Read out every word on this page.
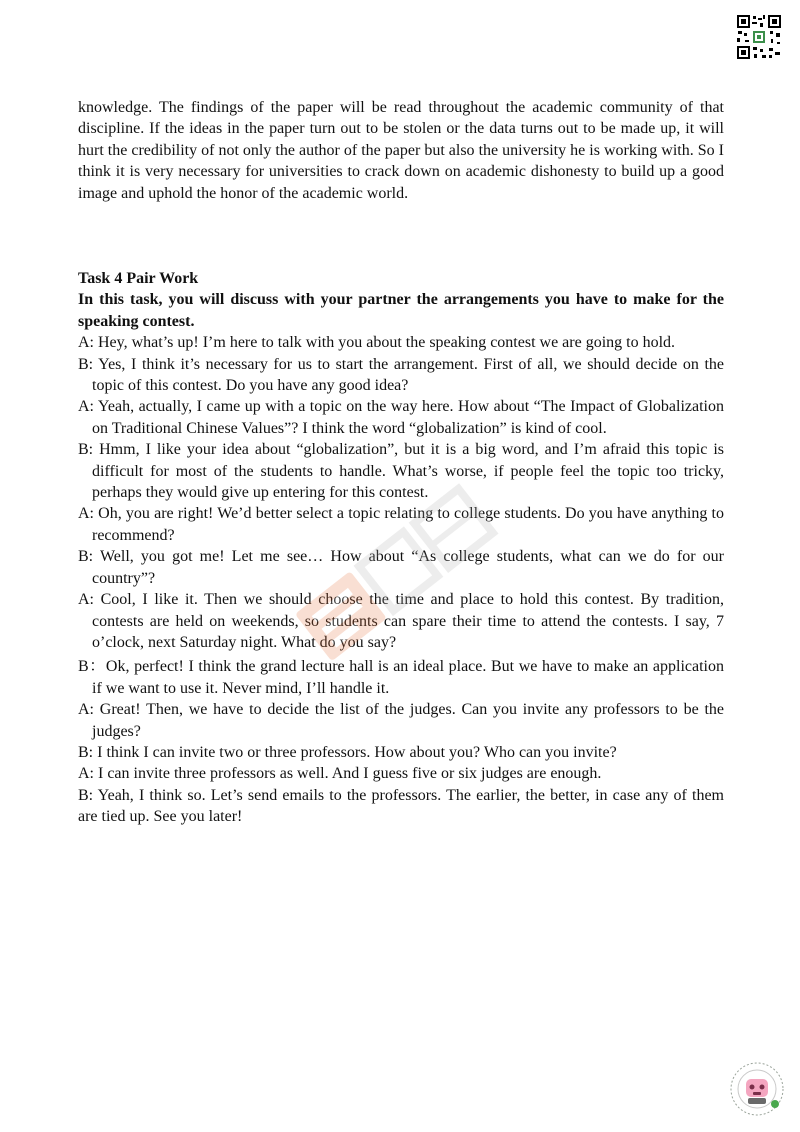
knowledge. The findings of the paper will be read throughout the academic community of that discipline. If the ideas in the paper turn out to be stolen or the data turns out to be made up, it will hurt the credibility of not only the author of the paper but also the university he is working with. So I think it is very necessary for universities to crack down on academic dishonesty to build up a good image and uphold the honor of the academic world.

Task 4 Pair Work

In this task, you will discuss with your partner the arrangements you have to make for the speaking contest.

A: Hey, what’s up! I’m here to talk with you about the speaking contest we are going to hold.

B: Yes, I think it’s necessary for us to start the arrangement. First of all, we should decide on the topic of this contest. Do you have any good idea?

A: Yeah, actually, I came up with a topic on the way here. How about “The Impact of Globalization on Traditional Chinese Values”? I think the word “globalization” is kind of cool.

B: Hmm, I like your idea about “globalization”, but it is a big word, and I’m afraid this topic is difficult for most of the students to handle. What’s worse, if people feel the topic too tricky, perhaps they would give up entering for this contest.

A: Oh, you are right! We’d better select a topic relating to college students. Do you have anything to recommend?

B: Well, you got me! Let me see… How about “As college students, what can we do for our country”?

A: Cool, I like it. Then we should choose the time and place to hold this contest. By tradition, contests are held on weekends, so students can spare their time to attend the contests. I say, 7 o’clock, next Saturday night. What do you say?

B：Ok, perfect! I think the grand lecture hall is an ideal place. But we have to make an application if we want to use it. Never mind, I’ll handle it.

A: Great! Then, we have to decide the list of the judges. Can you invite any professors to be the judges?

B: I think I can invite two or three professors. How about you? Who can you invite?

A: I can invite three professors as well. And I guess five or six judges are enough.

B: Yeah, I think so. Let’s send emails to the professors. The earlier, the better, in case any of them are tied up. See you later!
